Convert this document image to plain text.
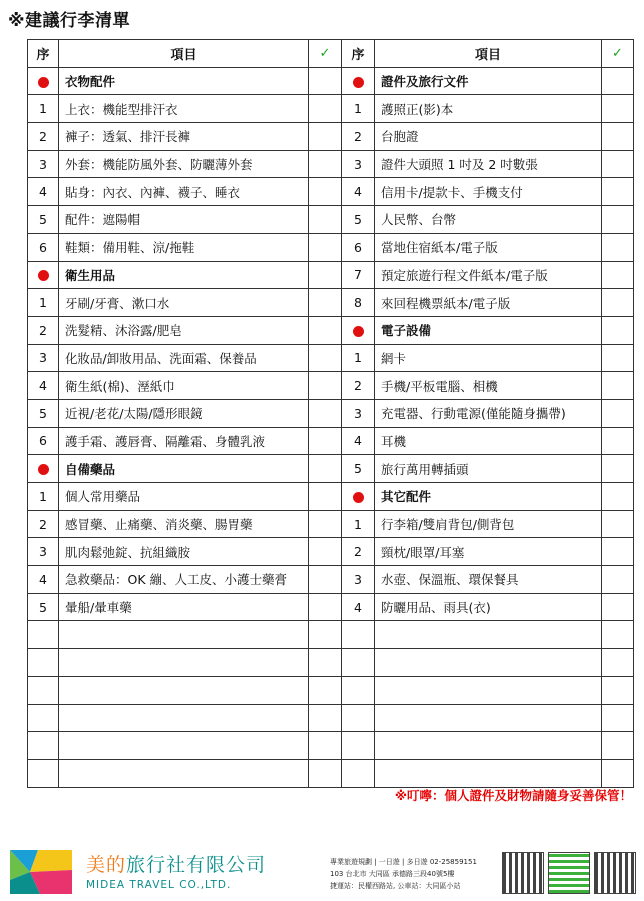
※建議行李清單
序	項目	✓	序	項目	✓
	衣物配件			證件及旅行文件	
1	上衣：機能型排汗衣		1	護照正(影)本	
2	褲子：透氣、排汗長褲		2	台胞證	
3	外套：機能防風外套、防曬薄外套		3	證件大頭照 1 吋及 2 吋數張	
4	貼身：內衣、內褲、襪子、睡衣		4	信用卡/提款卡、手機支付	
5	配件：遮陽帽		5	人民幣、台幣	
6	鞋類：備用鞋、涼/拖鞋		6	當地住宿紙本/電子版	
	衛生用品		7	預定旅遊行程文件紙本/電子版	
1	牙刷/牙膏、漱口水		8	來回程機票紙本/電子版	
2	洗髮精、沐浴露/肥皂			電子設備	
3	化妝品/卸妝用品、洗面霜、保養品		1	網卡	
4	衛生紙(棉)、溼紙巾		2	手機/平板電腦、相機	
5	近視/老花/太陽/隱形眼鏡		3	充電器、行動電源(僅能隨身攜帶)	
6	護手霜、護唇膏、隔離霜、身體乳液		4	耳機	
	自備藥品		5	旅行萬用轉插頭	
1	個人常用藥品			其它配件	
2	感冒藥、止痛藥、消炎藥、腸胃藥		1	行李箱/雙肩背包/側背包	
3	肌肉鬆弛錠、抗組織胺		2	頸枕/眼罩/耳塞	
4	急救藥品：OK 繃、人工皮、小護士藥膏		3	水壺、保溫瓶、環保餐具	
5	暈船/暈車藥		4	防曬用品、雨具(衣)	

※叮嚀：個人證件及財物請隨身妥善保管！
美的旅行社有限公司
MIDEA TRAVEL CO.,LTD.
專業旅遊規劃 | 一日遊 | 多日遊 02-25859151
103 台北市 大同區 承德路三段40號5樓
捷運站：民權西路站, 公車站：大同區小站
